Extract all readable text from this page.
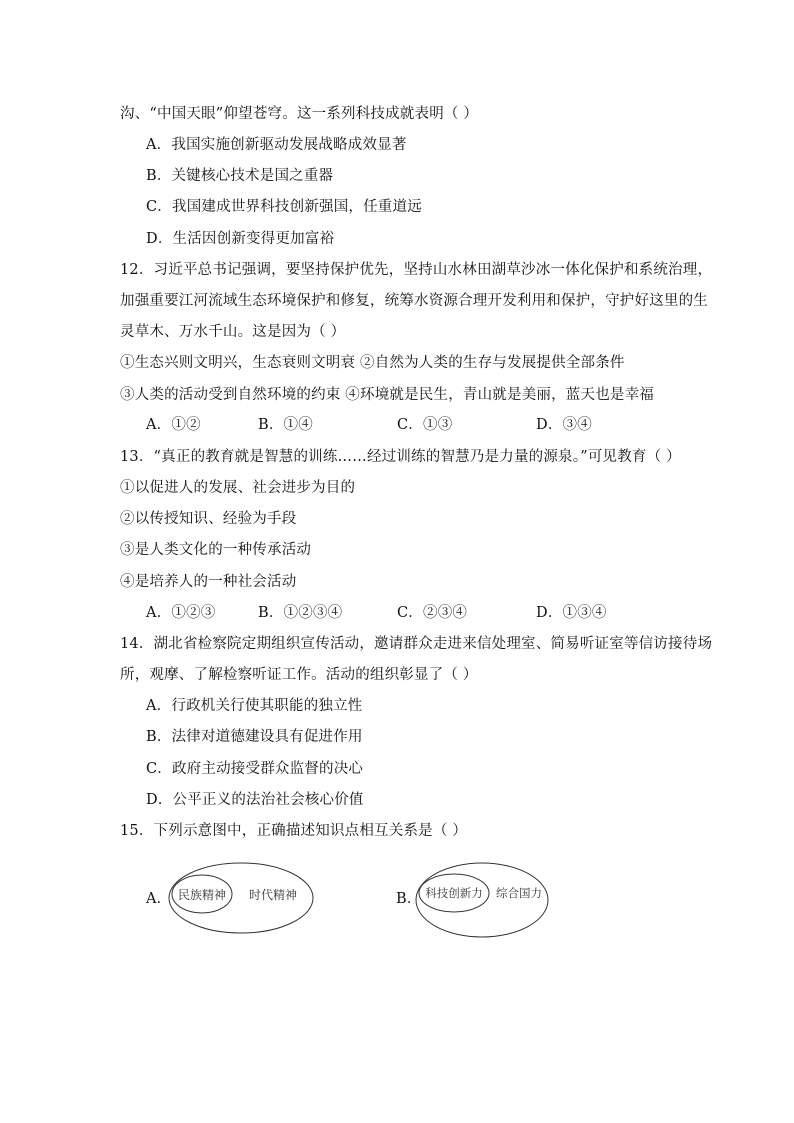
沟、“中国天眼”仰望苍穹。这一系列科技成就表明（ ）
A．我国实施创新驱动发展战略成效显著
B．关键核心技术是国之重器
C．我国建成世界科技创新强国，任重道远
D．生活因创新变得更加富裕
12．习近平总书记强调，要坚持保护优先，坚持山水林田湖草沙冰一体化保护和系统治理，
加强重要江河流域生态环境保护和修复，统筹水资源合理开发利用和保护，守护好这里的生
灵草木、万水千山。这是因为（ ）
①生态兴则文明兴，生态衰则文明衰 ②自然为人类的生存与发展提供全部条件
③人类的活动受到自然环境的约束 ④环境就是民生，青山就是美丽，蓝天也是幸福
A．①②	B．①④	C．①③	D．③④
13．“真正的教育就是智慧的训练……经过训练的智慧乃是力量的源泉。”可见教育（ ）
①以促进人的发展、社会进步为目的
②以传授知识、经验为手段
③是人类文化的一种传承活动
④是培养人的一种社会活动
A．①②③	B．①②③④	C．②③④	D．①③④
14．湖北省检察院定期组织宣传活动，邀请群众走进来信处理室、简易听证室等信访接待场
所，观摩、了解检察听证工作。活动的组织彰显了（ ）
A．行政机关行使其职能的独立性
B．法律对道德建设具有促进作用
C．政府主动接受群众监督的决心
D．公平正义的法治社会核心价值
15．下列示意图中，正确描述知识点相互关系是（ ）
A． 民族精神 时代精神	B． 科技创新力 综合国力
